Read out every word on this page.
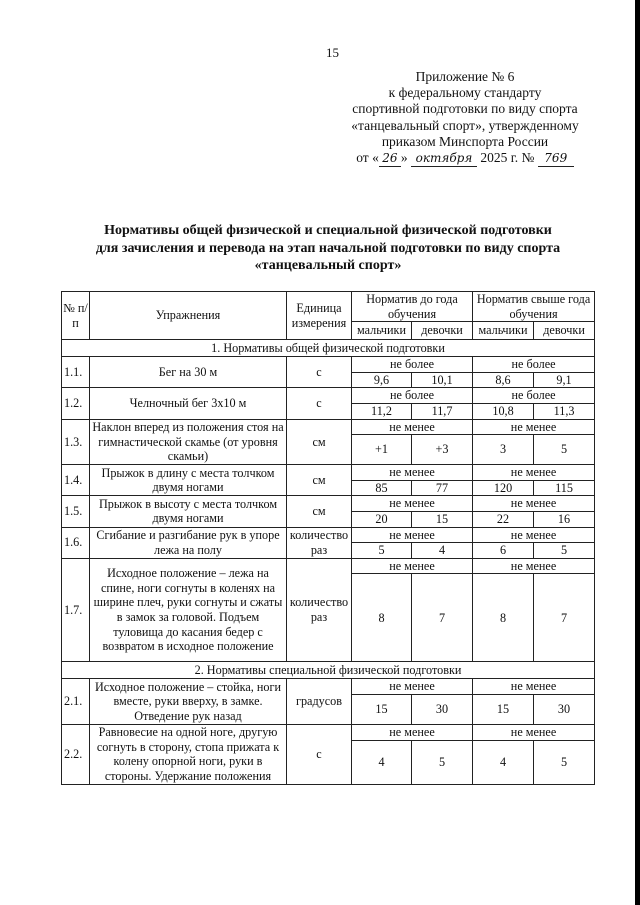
15
Приложение № 6
к федеральному стандарту
спортивной подготовки по виду спорта
«танцевальный спорт», утвержденному
приказом Минспорта России
от « 26 » октября 2025 г. № 769
Нормативы общей физической и специальной физической подготовки
для зачисления и перевода на этап начальной подготовки по виду спорта
«танцевальный спорт»
№ п/п	Упражнения	Единица измерения	Норматив до года обучения		Норматив свыше года обучения	
			мальчики	девочки	мальчики	девочки
1. Нормативы общей физической подготовки						
1.1.	Бег на 30 м	с	не более		не более	
			9,6	10,1	8,6	9,1
1.2.	Челночный бег 3х10 м	с	не более		не более	
			11,2	11,7	10,8	11,3
1.3.	Наклон вперед из положения стоя на гимнастической скамье (от уровня скамьи)	см	не менее		не менее	
			+1	+3	3	5
1.4.	Прыжок в длину с места толчком двумя ногами	см	не менее		не менее	
			85	77	120	115
1.5.	Прыжок в высоту с места толчком двумя ногами	см	не менее		не менее	
			20	15	22	16
1.6.	Сгибание и разгибание рук в упоре лежа на полу	количество раз	не менее		не менее	
			5	4	6	5
1.7.	Исходное положение – лежа на спине, ноги согнуты в коленях на ширине плеч, руки согнуты и сжаты в замок за головой. Подъем туловища до касания бедер с возвратом в исходное положение	количество раз	не менее		не менее	
			8	7	8	7
2. Нормативы специальной физической подготовки						
2.1.	Исходное положение – стойка, ноги вместе, руки вверху, в замке. Отведение рук назад	градусов	не менее		не менее	
			15	30	15	30
2.2.	Равновесие на одной ноге, другую согнуть в сторону, стопа прижата к колену опорной ноги, руки в стороны. Удержание положения	с	не менее		не менее	
			4	5	4	5
